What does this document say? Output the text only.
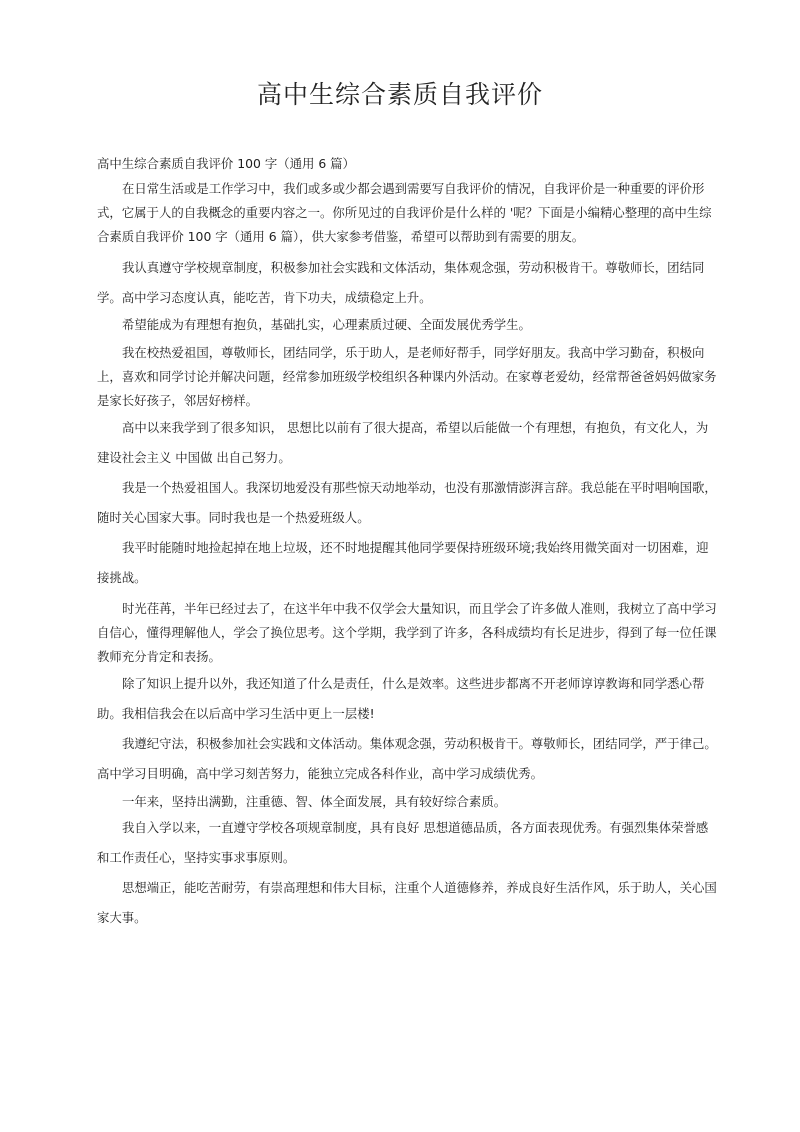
高中生综合素质自我评价

高中生综合素质自我评价 100 字（通用 6 篇）

在日常生活或是工作学习中，我们或多或少都会遇到需要写自我评价的情况，自我评价是一种重要的评价形式，它属于人的自我概念的重要内容之一。你所见过的自我评价是什么样的 '呢？下面是小编精心整理的高中生综合素质自我评价 100 字（通用 6 篇），供大家参考借鉴，希望可以帮助到有需要的朋友。

我认真遵守学校规章制度，积极参加社会实践和文体活动，集体观念强，劳动积极肯干。尊敬师长，团结同学。高中学习态度认真，能吃苦，肯下功夫，成绩稳定上升。

希望能成为有理想有抱负，基础扎实，心理素质过硬、全面发展优秀学生。

我在校热爱祖国，尊敬师长，团结同学，乐于助人，是老师好帮手，同学好朋友。我高中学习勤奋，积极向上，喜欢和同学讨论并解决问题，经常参加班级学校组织各种课内外活动。在家尊老爱幼，经常帮爸爸妈妈做家务是家长好孩子，邻居好榜样。

高中以来我学到了很多知识， 思想比以前有了很大提高，希望以后能做一个有理想，有抱负，有文化人，为建设社会主义 中国做 出自己努力。

我是一个热爱祖国人。我深切地爱没有那些惊天动地举动，也没有那激情澎湃言辞。我总能在平时唱响国歌，随时关心国家大事。同时我也是一个热爱班级人。

我平时能随时地捡起掉在地上垃圾，还不时地提醒其他同学要保持班级环境;我始终用微笑面对一切困难，迎接挑战。

时光荏苒，半年已经过去了，在这半年中我不仅学会大量知识，而且学会了许多做人准则，我树立了高中学习自信心，懂得理解他人，学会了换位思考。这个学期，我学到了许多，各科成绩均有长足进步，得到了每一位任课教师充分肯定和表扬。

除了知识上提升以外，我还知道了什么是责任，什么是效率。这些进步都离不开老师谆谆教诲和同学悉心帮助。我相信我会在以后高中学习生活中更上一层楼!

我遵纪守法，积极参加社会实践和文体活动。集体观念强，劳动积极肯干。尊敬师长，团结同学，严于律己。高中学习目明确，高中学习刻苦努力，能独立完成各科作业，高中学习成绩优秀。

一年来，坚持出满勤，注重德、智、体全面发展，具有较好综合素质。

我自入学以来，一直遵守学校各项规章制度，具有良好 思想道德品质，各方面表现优秀。有强烈集体荣誉感和工作责任心，坚持实事求事原则。

思想端正，能吃苦耐劳，有崇高理想和伟大目标，注重个人道德修养，养成良好生活作风，乐于助人，关心国家大事。
